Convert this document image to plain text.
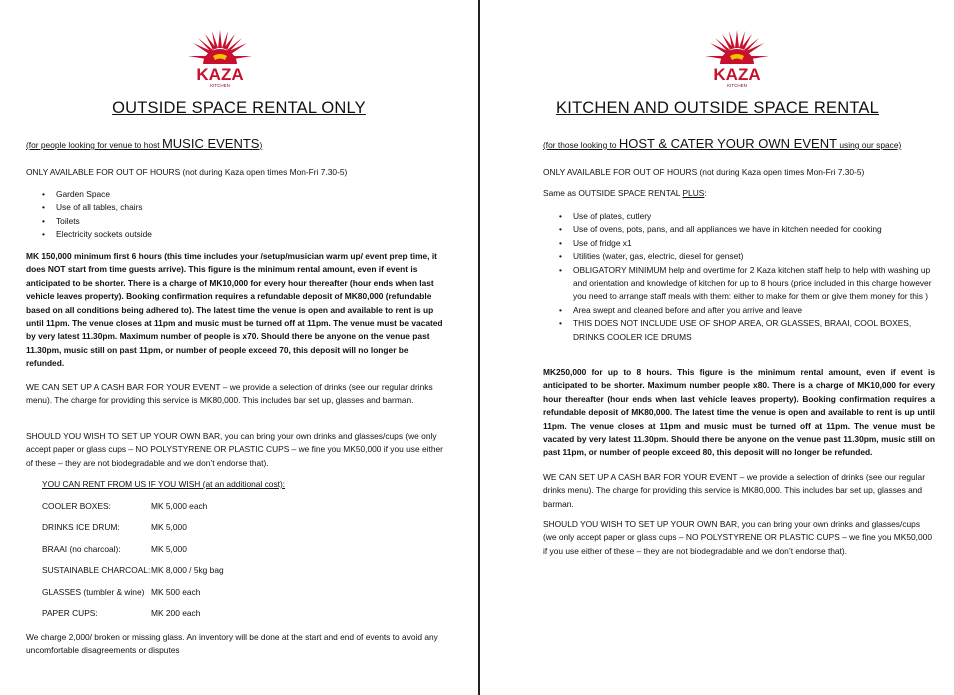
KAZA
KITCHEN
OUTSIDE SPACE RENTAL ONLY

(for people looking for venue to host MUSIC EVENTS)

ONLY AVAILABLE FOR OUT OF HOURS (not during Kaza open times Mon-Fri 7.30-5)

• Garden Space
• Use of all tables, chairs
• Toilets
• Electricity sockets outside

MK 150,000 minimum first 6 hours (this time includes your /setup/musician warm up/ event prep time, it does NOT start from time guests arrive). This figure is the minimum rental amount, even if event is anticipated to be shorter. There is a charge of MK10,000 for every hour thereafter (hour ends when last vehicle leaves property). Booking confirmation requires a refundable deposit of MK80,000 (refundable based on all conditions being adhered to). The latest time the venue is open and available to rent is up until 11pm. The venue closes at 11pm and music must be turned off at 11pm. The venue must be vacated by very latest 11.30pm. Maximum number of people is x70. Should there be anyone on the venue past 11.30pm, music still on past 11pm, or number of people exceed 70, this deposit will no longer be refunded.

WE CAN SET UP A CASH BAR FOR YOUR EVENT – we provide a selection of drinks (see our regular drinks menu). The charge for providing this service is MK80,000. This includes bar set up, glasses and barman.

SHOULD YOU WISH TO SET UP YOUR OWN BAR, you can bring your own drinks and glasses/cups (we only accept paper or glass cups – NO POLYSTYRENE OR PLASTIC CUPS – we fine you MK50,000 if you use either of these – they are not biodegradable and we don’t endorse that).

YOU CAN RENT FROM US IF YOU WISH (at an additional cost):

COOLER BOXES:	MK 5,000 each
DRINKS ICE DRUM:	MK 5,000
BRAAI (no charcoal):	MK 5,000
SUSTAINABLE CHARCOAL:	MK 8,000 / 5kg bag
GLASSES (tumbler & wine)	MK 500 each
PAPER CUPS:	MK 200 each

We charge 2,000/ broken or missing glass. An inventory will be done at the start and end of events to avoid any uncomfortable disagreements or disputes

KAZA
KITCHEN
KITCHEN AND OUTSIDE SPACE RENTAL

(for those looking to HOST & CATER YOUR OWN EVENT using our space)

ONLY AVAILABLE FOR OUT OF HOURS (not during Kaza open times Mon-Fri 7.30-5)

Same as OUTSIDE SPACE RENTAL PLUS:

• Use of plates, cutlery
• Use of ovens, pots, pans, and all appliances we have in kitchen needed for cooking
• Use of fridge x1
• Utilities (water, gas, electric, diesel for genset)
• OBLIGATORY MINIMUM help and overtime for 2 Kaza kitchen staff help to help with washing up and orientation and knowledge of kitchen for up to 8 hours (price included in this charge however you need to arrange staff meals with them: either to make for them or give them money for this )
• Area swept and cleaned before and after you arrive and leave
• THIS DOES NOT INCLUDE USE OF SHOP AREA, OR GLASSES, BRAAI, COOL BOXES, DRINKS COOLER ICE DRUMS

MK250,000 for up to 8 hours. This figure is the minimum rental amount, even if event is anticipated to be shorter. Maximum number people x80. There is a charge of MK10,000 for every hour thereafter (hour ends when last vehicle leaves property). Booking confirmation requires a refundable deposit of MK80,000. The latest time the venue is open and available to rent is up until 11pm. The venue closes at 11pm and music must be turned off at 11pm. The venue must be vacated by very latest 11.30pm. Should there be anyone on the venue past 11.30pm, music still on past 11pm, or number of people exceed 80, this deposit will no longer be refunded.

WE CAN SET UP A CASH BAR FOR YOUR EVENT – we provide a selection of drinks (see our regular drinks menu). The charge for providing this service is MK80,000. This includes bar set up, glasses and barman.

SHOULD YOU WISH TO SET UP YOUR OWN BAR, you can bring your own drinks and glasses/cups (we only accept paper or glass cups – NO POLYSTYRENE OR PLASTIC CUPS – we fine you MK50,000 if you use either of these – they are not biodegradable and we don’t endorse that).
